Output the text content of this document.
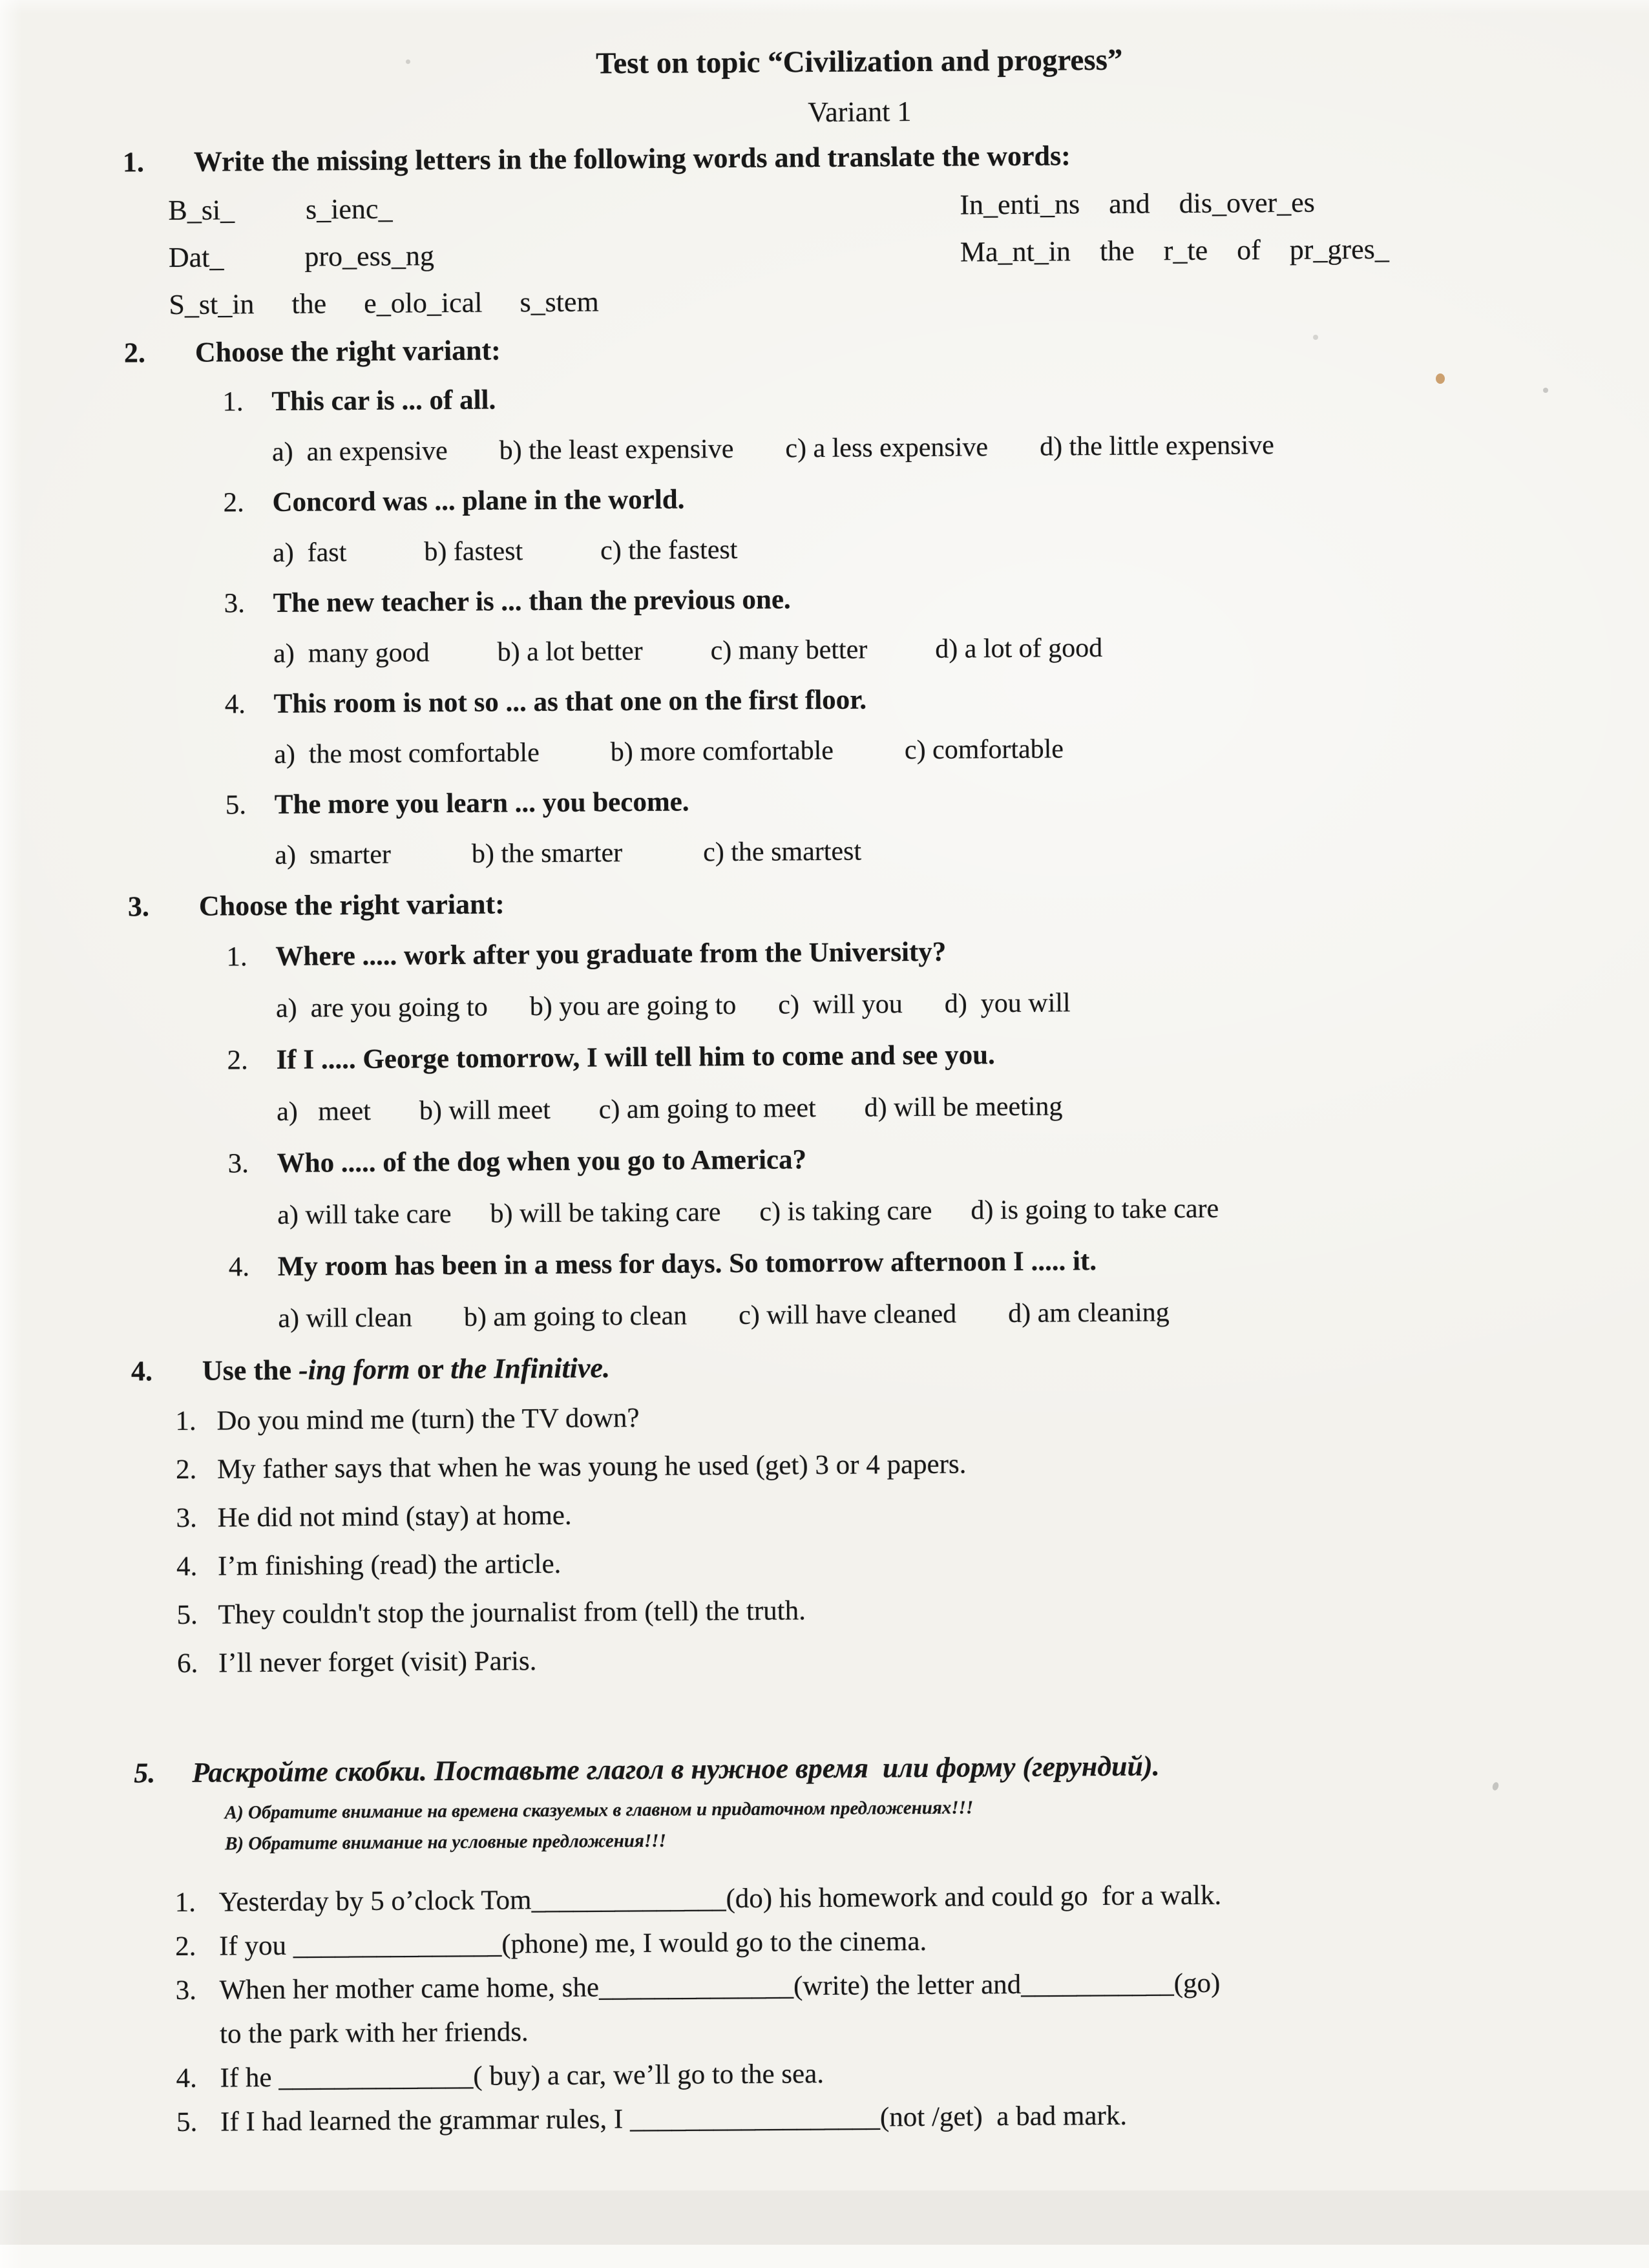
Test on topic “Civilization and progress”
Variant 1
1.	Write the missing letters in the following words and translate the words:
B_si_ s_ienc_
Dat_	pro_ess_ng
S_st_in the e_olo_ical s_stem
In_enti_ns and dis_over_es
Ma_nt_in the r_te of pr_gres_
2.	Choose the right variant:
1.	This car is ... of all.
a)  an expensive b) the least expensive c) a less expensive d) the little expensive
2.	Concord was ... plane in the world.
a)  fast	b) fastest	c) the fastest
3.	The new teacher is ... than the previous one.
a)  many good b) a lot better c) many better d) a lot of good
4.	This room is not so ... as that one on the first floor.
a)  the most comfortable	b) more comfortable	c) comfortable
5.	The more you learn ... you become.
a)  smarter	b) the smarter	c) the smartest
3.	Choose the right variant:
1.	Where ..... work after you graduate from the University?
a)  are you going to b) you are going to c)  will you d)  you will
2.	If I ..... George tomorrow, I will tell him to come and see you.
a)   meet b) will meet c) am going to meet d) will be meeting
3.	Who ..... of the dog when you go to America?
a) will take care b) will be taking care c) is taking care d) is going to take care
4.	My room has been in a mess for days. So tomorrow afternoon I ..... it.
a) will clean b) am going to clean c) will have cleaned d) am cleaning
4.	Use the -ing form or the Infinitive.
1. Do you mind me (turn) the TV down?
2. My father says that when he was young he used (get) 3 or 4 papers.
3. He did not mind (stay) at home.
4. I’m finishing (read) the article.
5. They couldn't stop the journalist from (tell) the truth.
6. I’ll never forget (visit) Paris.
5.	Раскройте скобки. Поставьте глагол в нужное время  или форму (герундий).
А) Обратите внимание на времена сказуемых в главном и придаточном предложениях!!!
В) Обратите внимание на условные предложения!!!
1. Yesterday by 5 o’clock Tom______________(do) his homework and could go  for a walk.
2. If you _______________(phone) me, I would go to the cinema.
3. When her mother came home, she______________(write) the letter and___________(go)
to the park with her friends.
4. If he ______________( buy) a car, we’ll go to the sea.
5. If I had learned the grammar rules, I __________________(not /get)  a bad mark.
